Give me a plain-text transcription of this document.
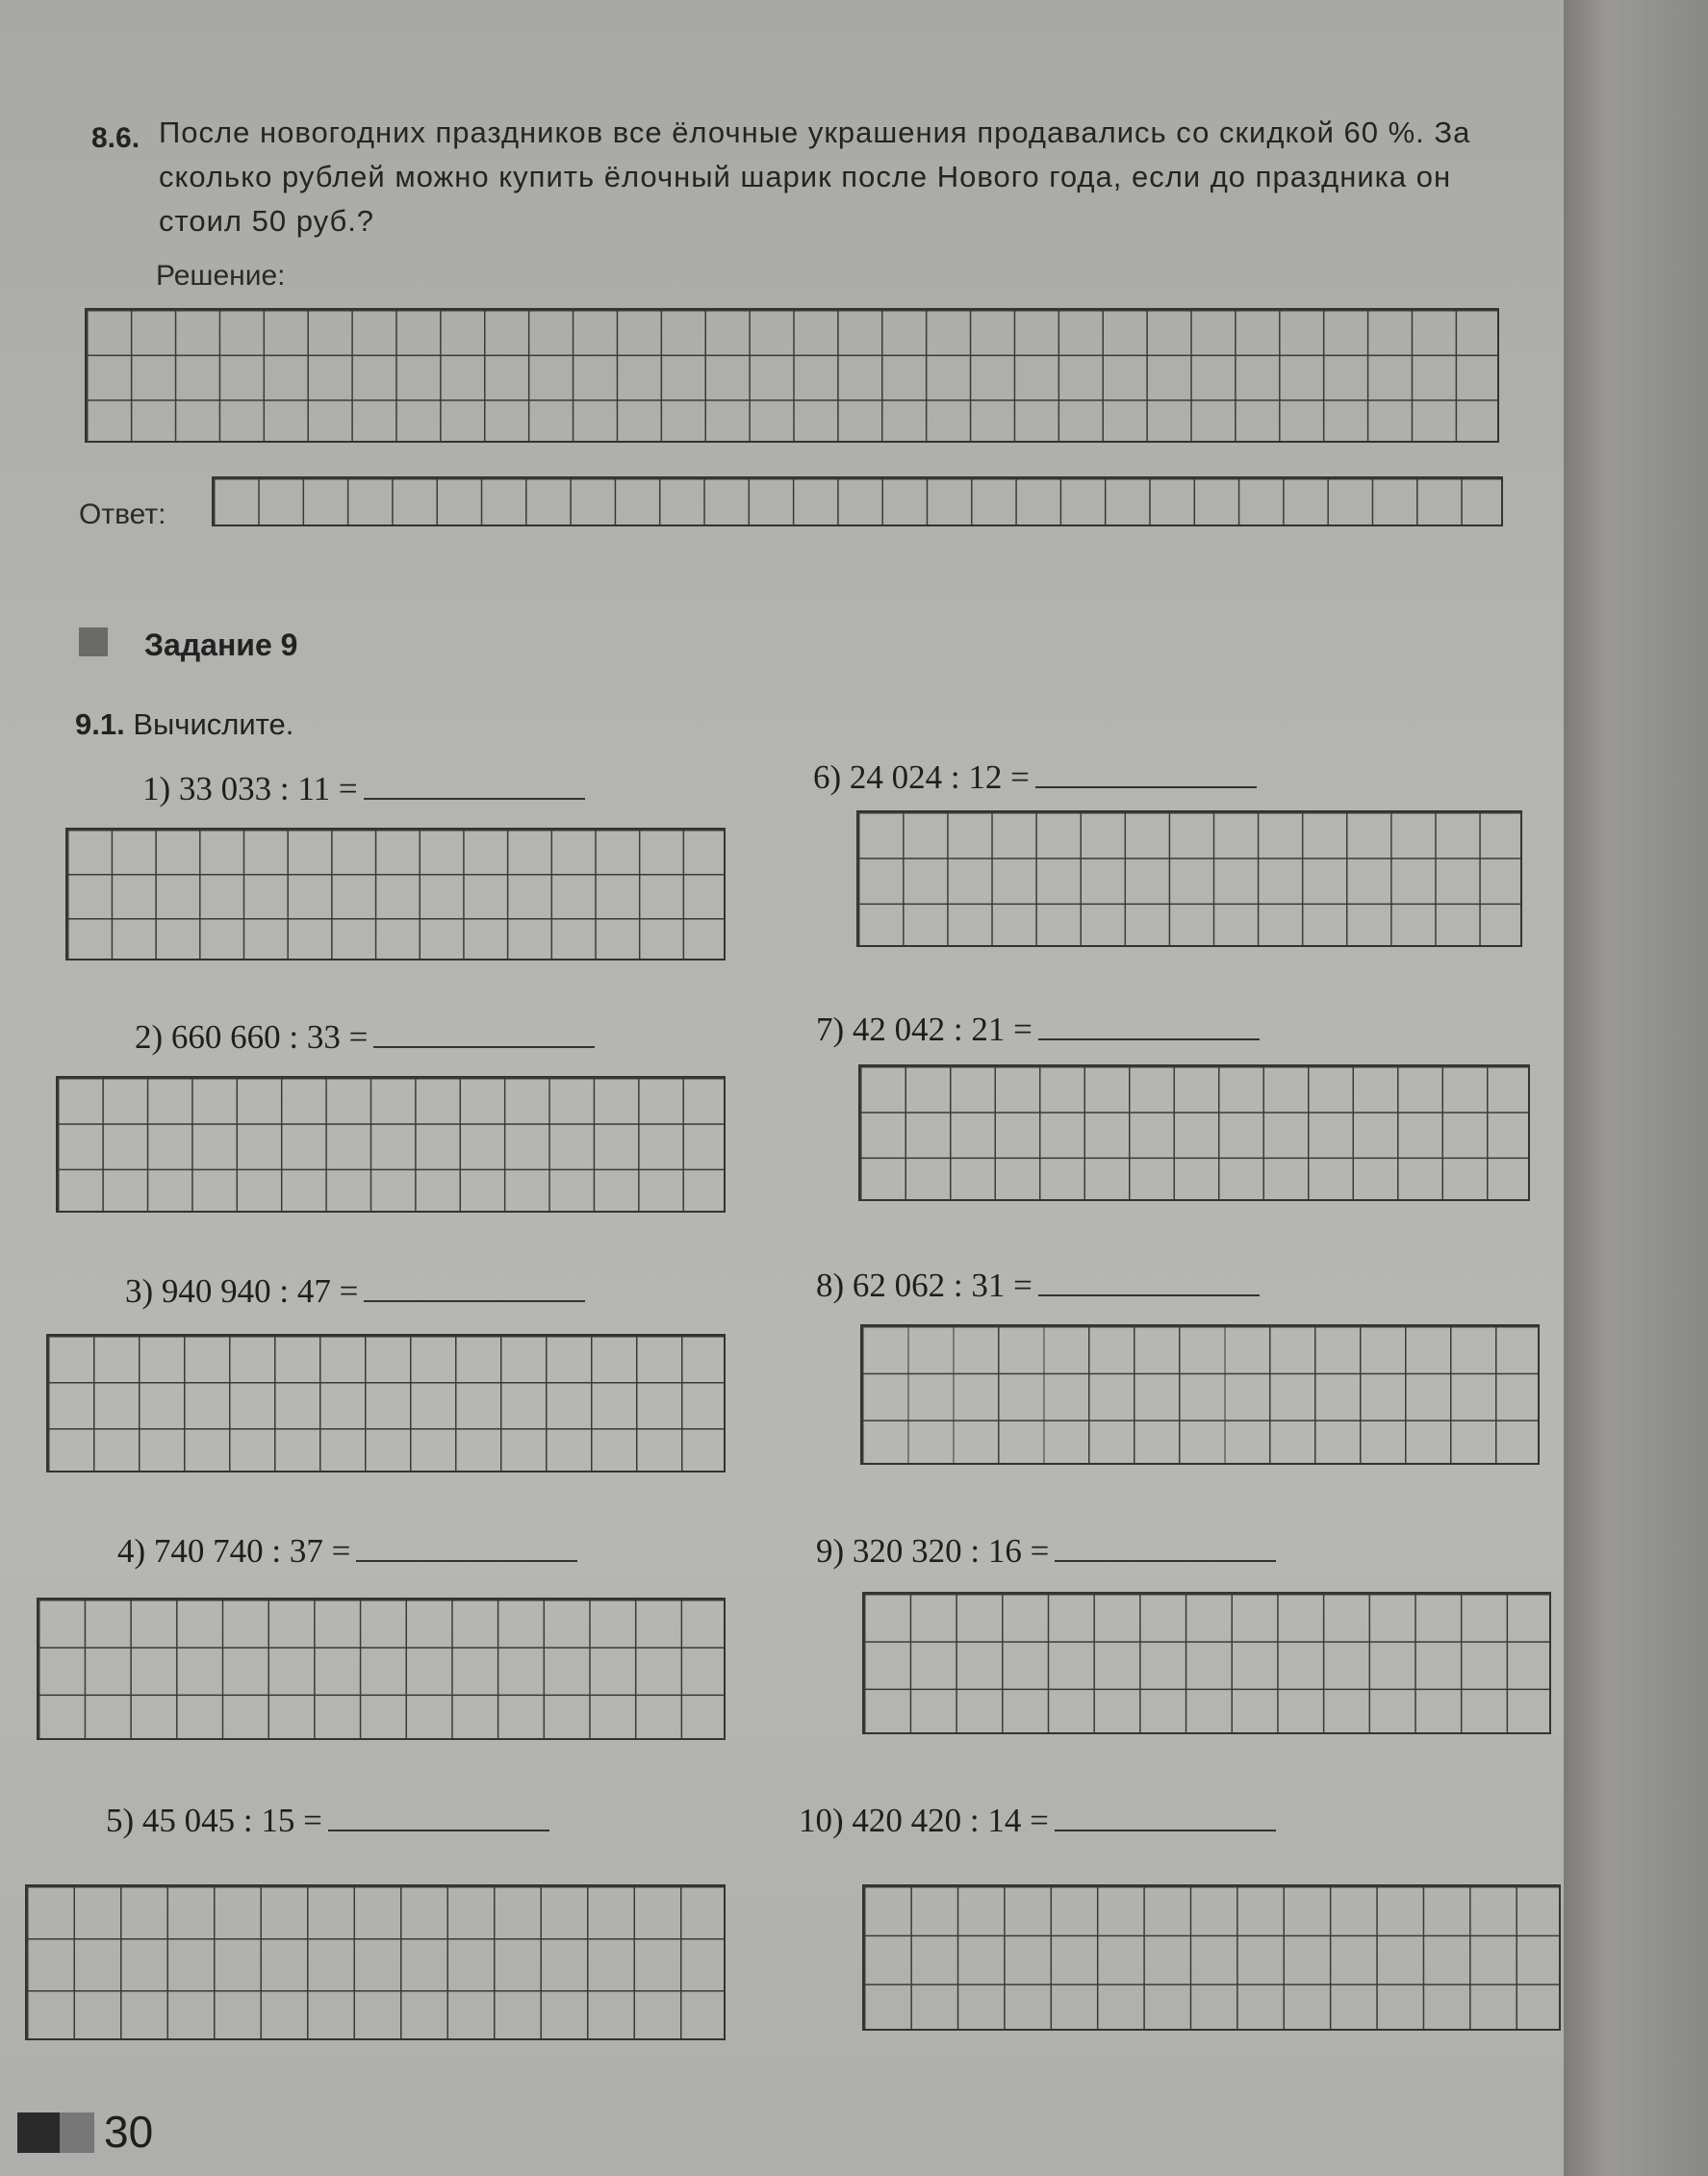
8.6. После новогодних праздников все ёлочные украшения продавались со скидкой 60 %. За сколько рублей можно купить ёлочный шарик после Нового года, если до праздника он стоил 50 руб.?
Решение:
Ответ:
Задание 9
9.1. Вычислите.
1) 33 033 : 11 =
2) 660 660 : 33 =
3) 940 940 : 47 =
4) 740 740 : 37 =
5) 45 045 : 15 =
6) 24 024 : 12 =
7) 42 042 : 21 =
8) 62 062 : 31 =
9) 320 320 : 16 =
10) 420 420 : 14 =
30
